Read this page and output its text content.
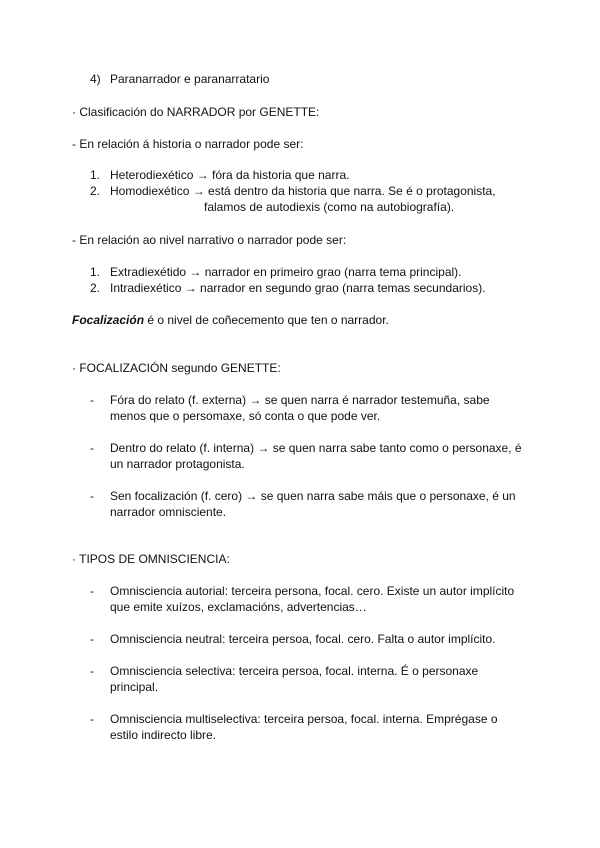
4) Paranarrador e paranarratario
· Clasificación do NARRADOR por GENETTE:
- En relación á historia o narrador pode ser:
1. Heterodiexético → fóra da historia que narra.
2. Homodiexético → está dentro da historia que narra. Se é o protagonista,
falamos de autodiexis (como na autobiografía).
- En relación ao nivel narrativo o narrador pode ser:
1. Extradiexétido → narrador en primeiro grao (narra tema principal).
2. Intradiexético → narrador en segundo grao (narra temas secundarios).
Focalización é o nivel de coñecemento que ten o narrador.
· FOCALIZACIÓN segundo GENETTE:
- Fóra do relato (f. externa) → se quen narra é narrador testemuña, sabe
menos que o persomaxe, só conta o que pode ver.
- Dentro do relato (f. interna) → se quen narra sabe tanto como o personaxe, é
un narrador protagonista.
- Sen focalización (f. cero) → se quen narra sabe máis que o personaxe, é un
narrador omnisciente.
· TIPOS DE OMNISCIENCIA:
- Omnisciencia autorial: terceira persona, focal. cero. Existe un autor implícito
que emite xuízos, exclamacións, advertencias…
- Omnisciencia neutral: terceira persoa, focal. cero. Falta o autor implícito.
- Omnisciencia selectiva: terceira persoa, focal. interna. É o personaxe
principal.
- Omnisciencia multiselectiva: terceira persoa, focal. interna. Emprégase o
estilo indirecto libre.
